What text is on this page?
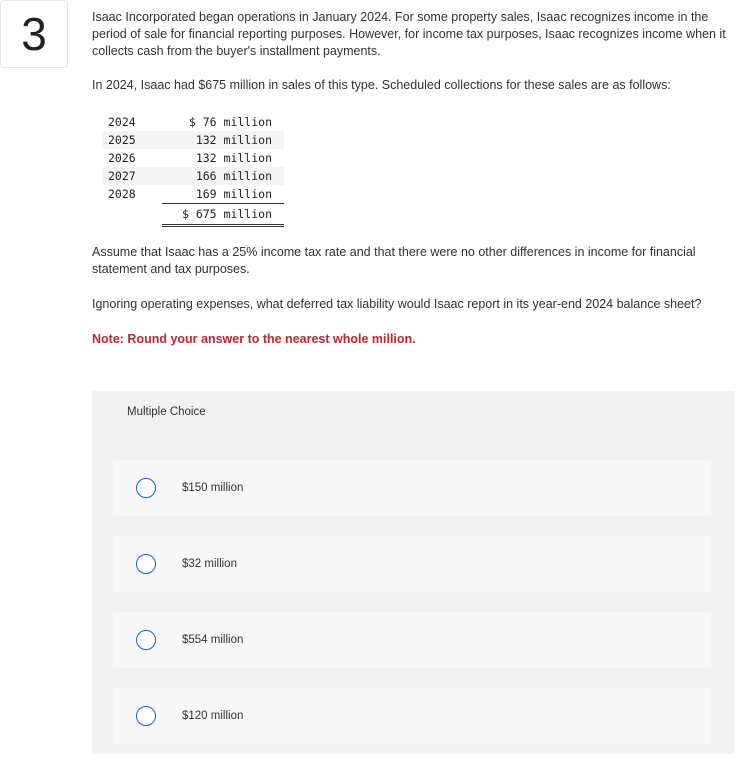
3	Isaac Incorporated began operations in January 2024. For some property sales, Isaac recognizes income in the period of sale for financial reporting purposes. However, for income tax purposes, Isaac recognizes income when it collects cash from the buyer's installment payments.

In 2024, Isaac had $675 million in sales of this type. Scheduled collections for these sales are as follows:

2024	$ 76 million
2025	132 million
2026	132 million
2027	166 million
2028	169 million
	$ 675 million

Assume that Isaac has a 25% income tax rate and that there were no other differences in income for financial statement and tax purposes.

Ignoring operating expenses, what deferred tax liability would Isaac report in its year-end 2024 balance sheet?

Note: Round your answer to the nearest whole million.
Multiple Choice
$150 million
$32 million
$554 million
$120 million
